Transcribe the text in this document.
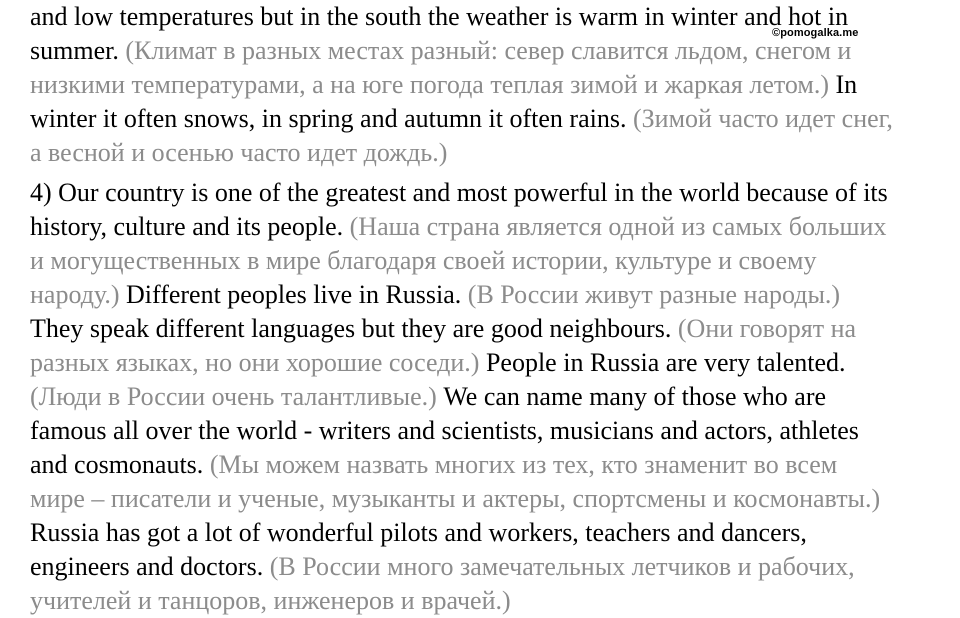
and low temperatures but in the south the weather is warm in winter and hot in
summer. (Климат в разных местах разный: север славится льдом, снегом и
низкими температурами, а на юге погода теплая зимой и жаркая летом.) In
winter it often snows, in spring and autumn it often rains. (Зимой часто идет снег,
а весной и осенью часто идет дождь.)
4) Our country is one of the greatest and most powerful in the world because of its
history, culture and its people. (Наша страна является одной из самых больших
и могущественных в мире благодаря своей истории, культуре и своему
народу.) Different peoples live in Russia. (В России живут разные народы.)
They speak different languages but they are good neighbours. (Они говорят на
разных языках, но они хорошие соседи.) People in Russia are very talented.
(Люди в России очень талантливые.) We can name many of those who are
famous all over the world - writers and scientists, musicians and actors, athletes
and cosmonauts. (Мы можем назвать многих из тех, кто знаменит во всем
мире – писатели и ученые, музыканты и актеры, спортсмены и космонавты.)
Russia has got a lot of wonderful pilots and workers, teachers and dancers,
engineers and doctors. (В России много замечательных летчиков и рабочих,
учителей и танцоров, инженеров и врачей.)
©pomogalka.me
